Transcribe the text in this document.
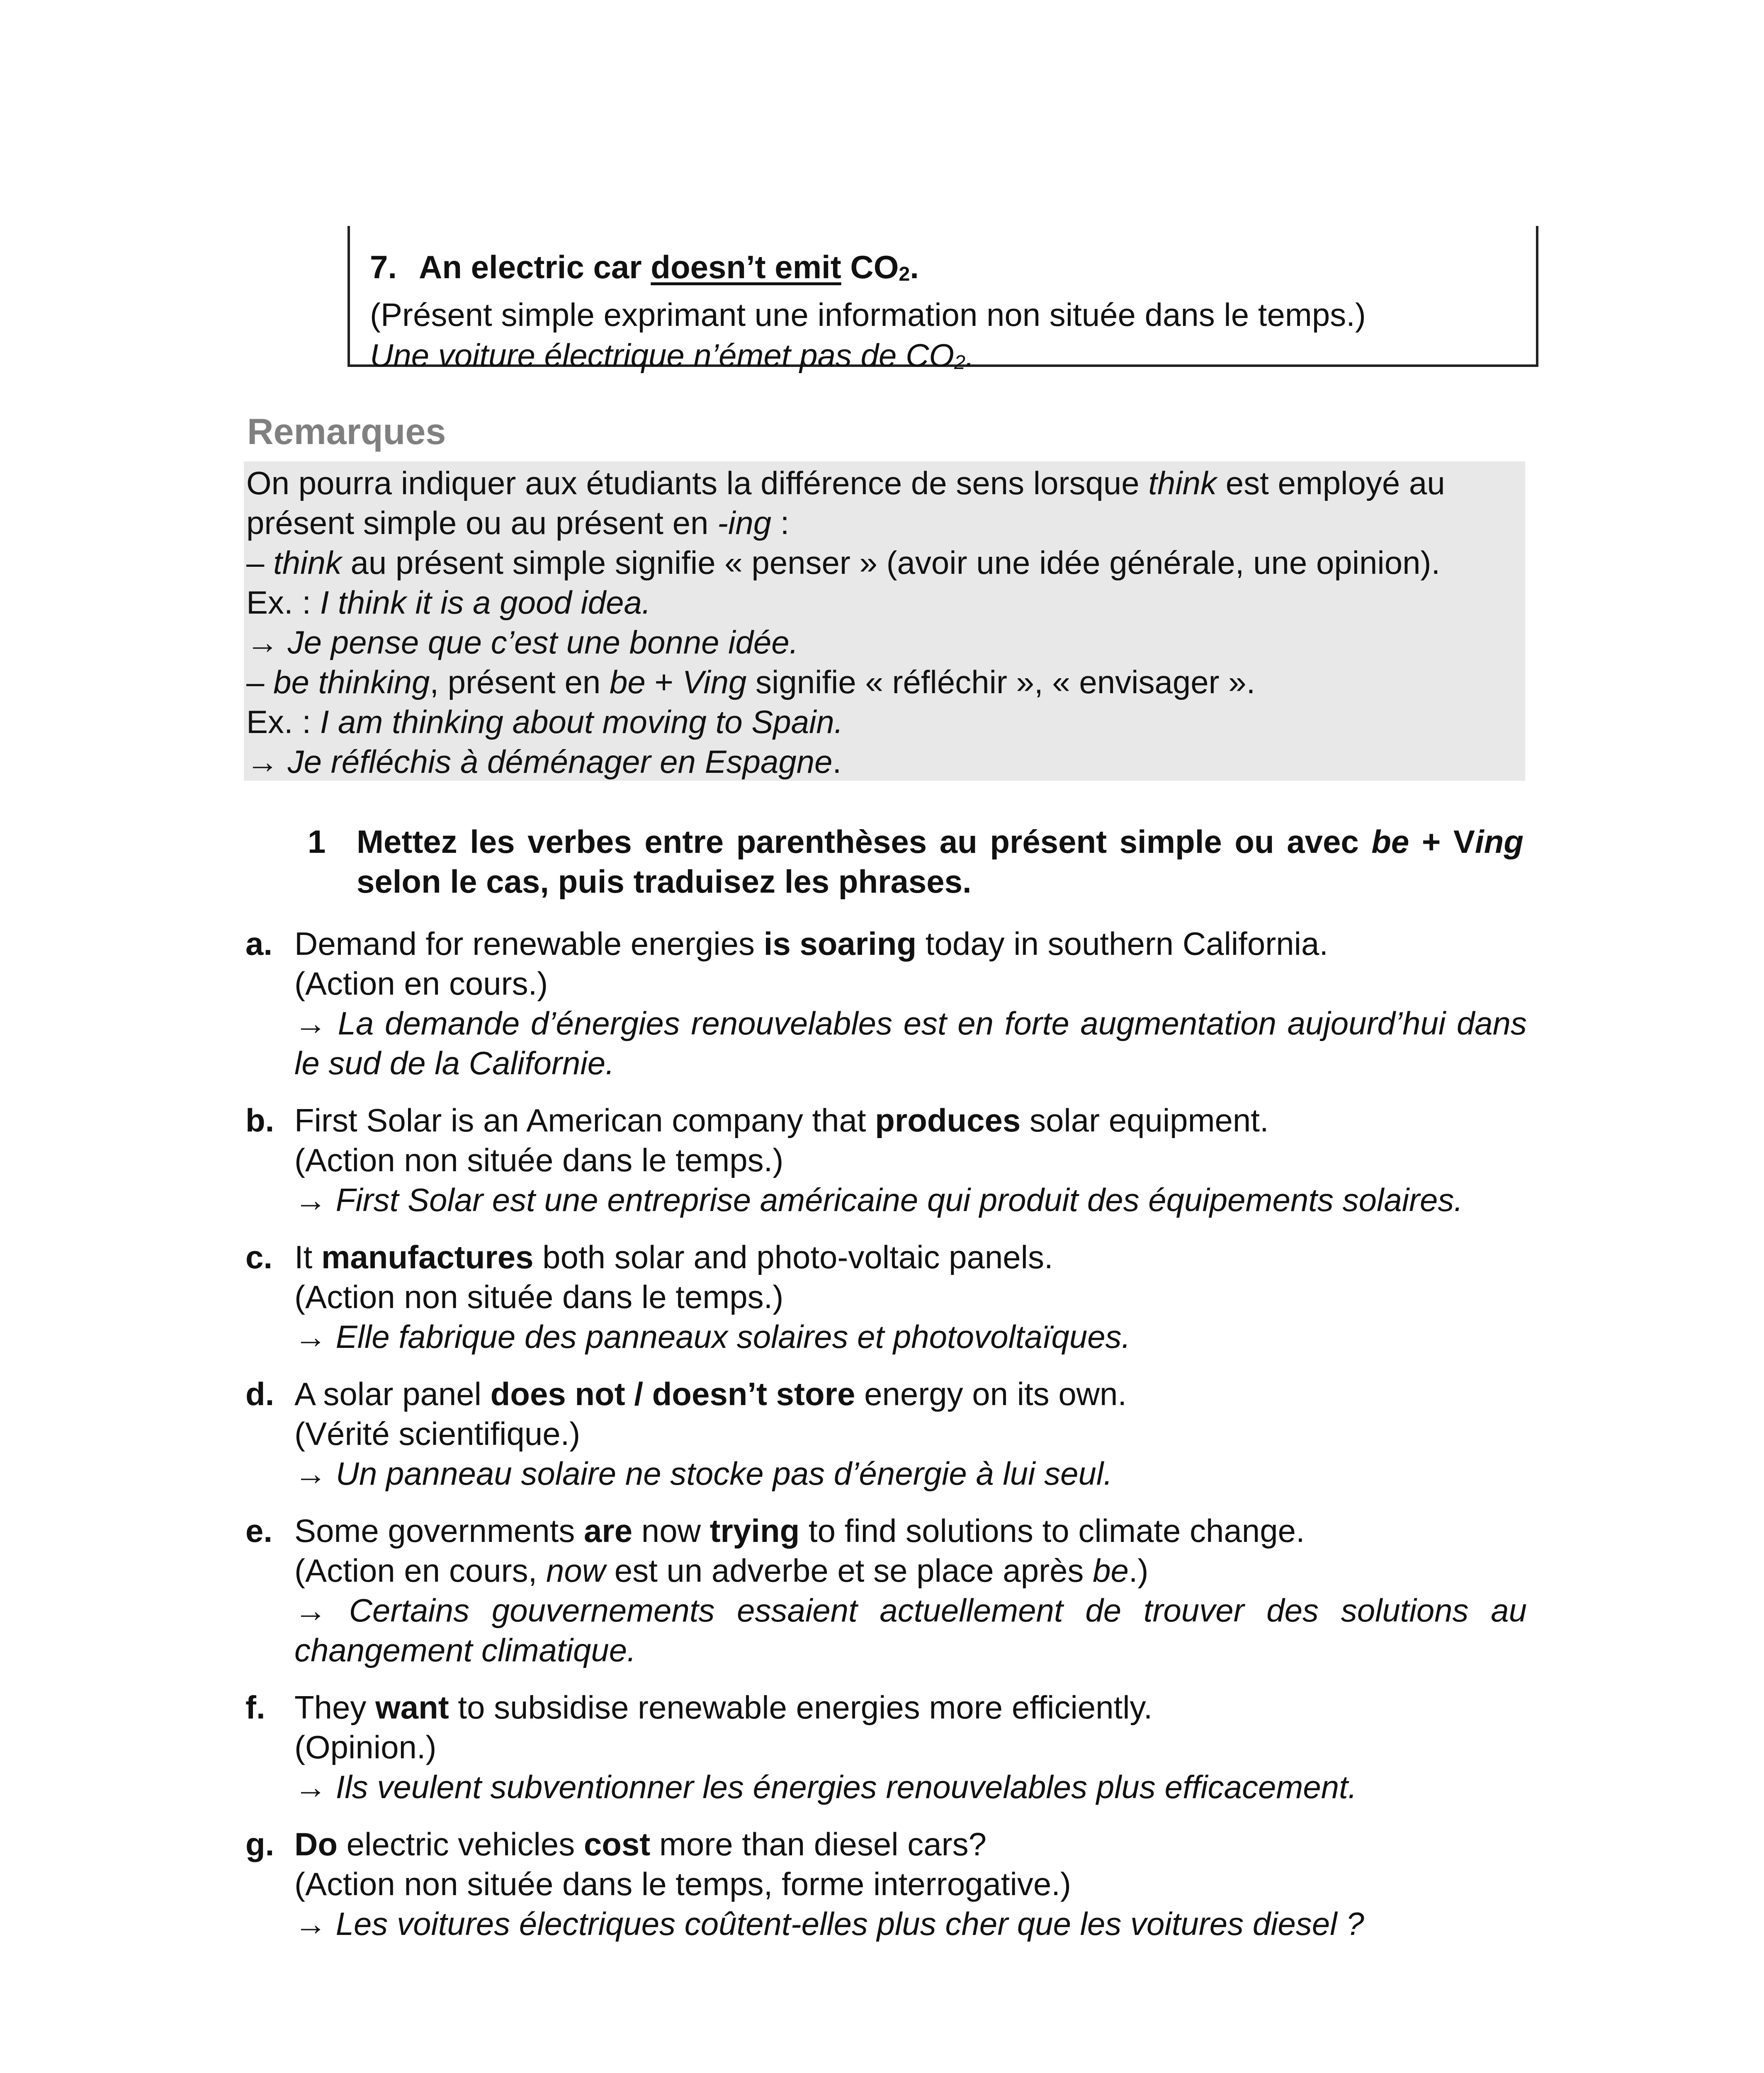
7. An electric car doesn’t emit $CO_2$.
(Présent simple exprimant une information non située dans le temps.)
Une voiture électrique n’émet pas de $CO_2$.
Remarques
On pourra indiquer aux étudiants la différence de sens lorsque think est employé au présent simple ou au présent en -ing :
– think au présent simple signifie « penser » (avoir une idée générale, une opinion).
Ex. : I think it is a good idea.
→ Je pense que c’est une bonne idée.
– be thinking, présent en be + Ving signifie « réfléchir », « envisager ».
Ex. : I am thinking about moving to Spain.
→ Je réfléchis à déménager en Espagne.
1 Mettez les verbes entre parenthèses au présent simple ou avec be + Ving selon le cas, puis traduisez les phrases.
a. Demand for renewable energies is soaring today in southern California.
(Action en cours.)
→ La demande d’énergies renouvelables est en forte augmentation aujourd’hui dans le sud de la Californie.
b. First Solar is an American company that produces solar equipment.
(Action non située dans le temps.)
→ First Solar est une entreprise américaine qui produit des équipements solaires.
c. It manufactures both solar and photo-voltaic panels.
(Action non située dans le temps.)
→ Elle fabrique des panneaux solaires et photovoltaïques.
d. A solar panel does not / doesn’t store energy on its own.
(Vérité scientifique.)
→ Un panneau solaire ne stocke pas d’énergie à lui seul.
e. Some governments are now trying to find solutions to climate change.
(Action en cours, now est un adverbe et se place après be.)
→ Certains gouvernements essaient actuellement de trouver des solutions au changement climatique.
f. They want to subsidise renewable energies more efficiently.
(Opinion.)
→ Ils veulent subventionner les énergies renouvelables plus efficacement.
g. Do electric vehicles cost more than diesel cars?
(Action non située dans le temps, forme interrogative.)
→ Les voitures électriques coûtent-elles plus cher que les voitures diesel ?
